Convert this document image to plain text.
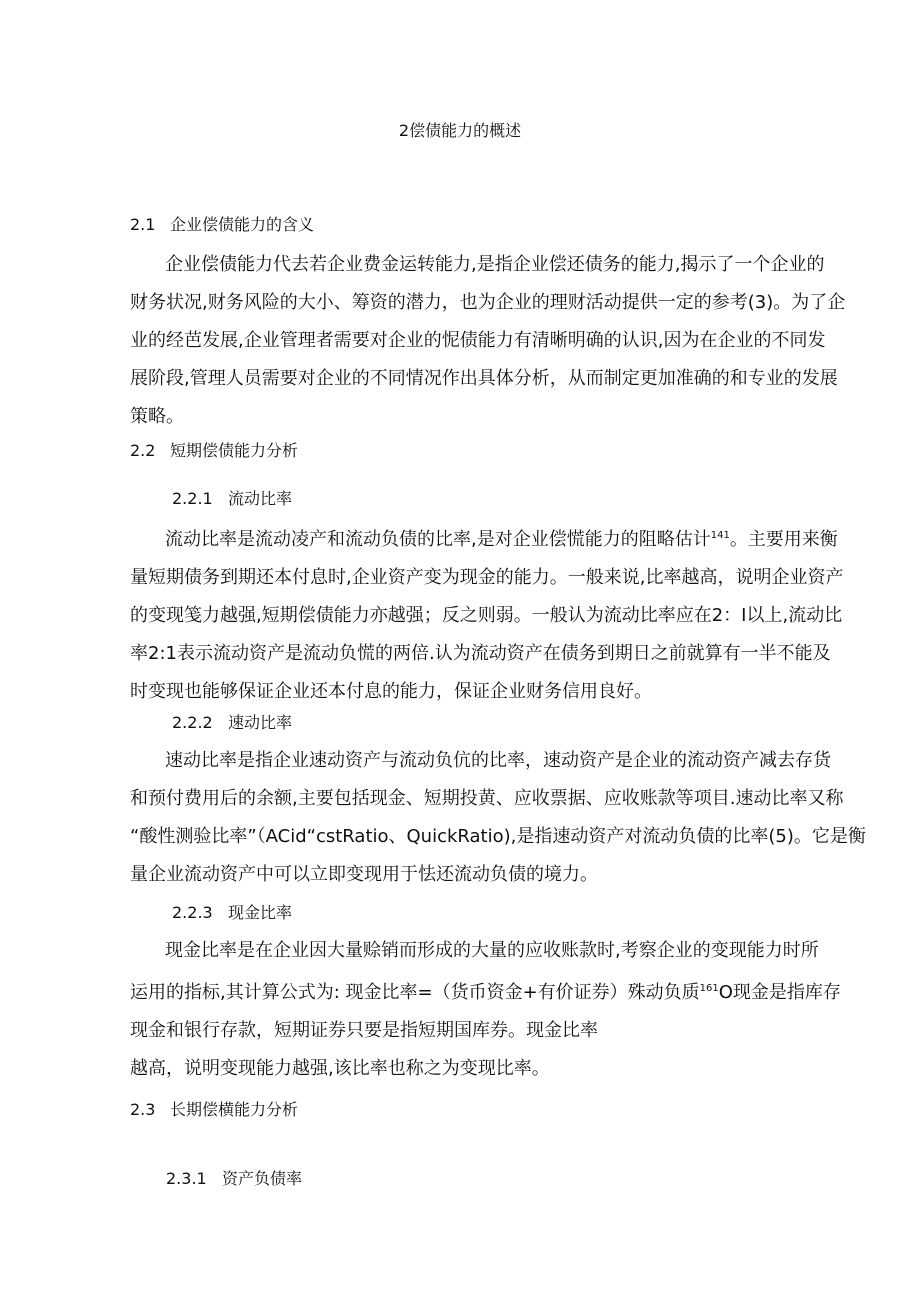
2偿债能力的概述
2.1 企业偿债能力的含义
企业偿债能力代去若企业费金运转能力,是指企业偿还债务的能力,揭示了一个企业的
财务状况,财务风险的大小、筹资的潜力，也为企业的理财活动提供一定的参考(3)。为了企
业的经芭发展,企业管理者需要对企业的怩债能力有清晰明确的认识,因为在企业的不同发
展阶段,管理人员需要对企业的不同情况作出具体分析，从而制定更加准确的和专业的发展
策略。
2.2 短期偿债能力分析
2.2.1 流动比率
流动比率是流动凌产和流动负债的比率,是对企业偿慌能力的阻略估计$^{141}$。主要用来衡
量短期债务到期还本付息时,企业资产变为现金的能力。一般来说,比率越高，说明企业资产
的变现笺力越强,短期偿债能力亦越强；反之则弱。一般认为流动比率应在2：I以上,流动比
率2:1表示流动资产是流动负慌的两倍.认为流动资产在债务到期日之前就算有一半不能及
时变现也能够保证企业还本付息的能力，保证企业财务信用良好。
2.2.2 速动比率
速动比率是指企业速动资产与流动负伉的比率，速动资产是企业的流动资产减去存货
和预付费用后的余额,主要包括现金、短期投黄、应收票据、应收账款等项目.速动比率又称
“酸性测验比率”（ACid“cstRatio、QuickRatio),是指速动资产对流动负债的比率(5)。它是衡
量企业流动资产中可以立即变现用于怯还流动负债的境力。
2.2.3 现金比率
现金比率是在企业因大量赊销而形成的大量的应收账款时,考察企业的变现能力时所
运用的指标,其计算公式为: 现金比率=（货币资金+有价证券）殊动负质$^{161}$O现金是指库存
现金和银行存款，短期证券只要是指短期国库券。现金比率
越高，说明变现能力越强,该比率也称之为变现比率。
2.3 长期偿横能力分析
2.3.1 资产负债率
